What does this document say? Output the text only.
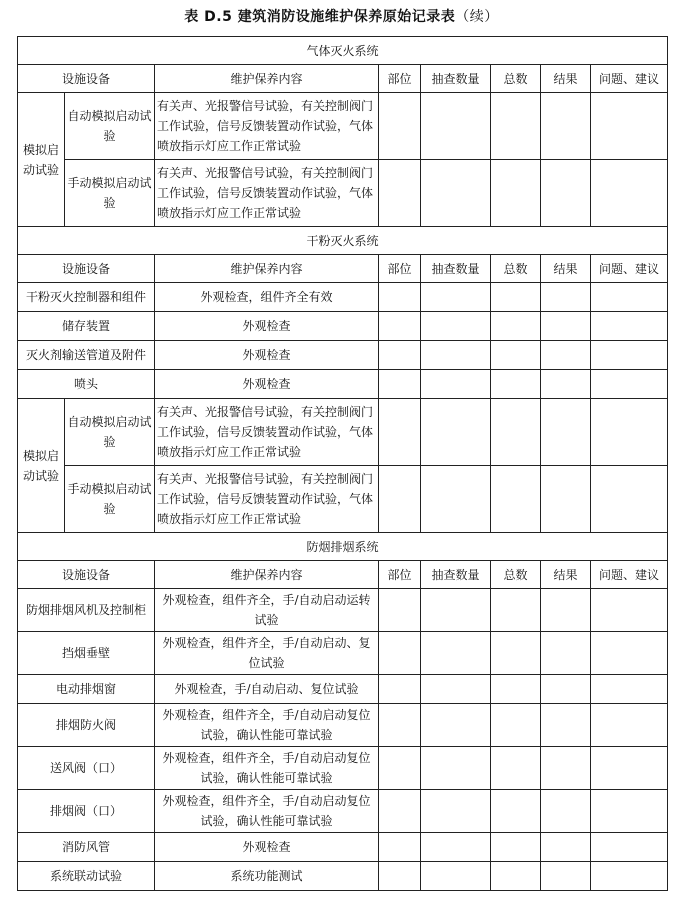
表 D.5 建筑消防设施维护保养原始记录表（续）
气体灭火系统							
设施设备		维护保养内容	部位	抽查数量	总数	结果	问题、建议
模拟启动试验	自动模拟启动试验	有关声、光报警信号试验，有关控制阀门工作试验，信号反馈装置动作试验，气体喷放指示灯应工作正常试验					
	手动模拟启动试验	有关声、光报警信号试验，有关控制阀门工作试验，信号反馈装置动作试验，气体喷放指示灯应工作正常试验					
干粉灭火系统							
设施设备		维护保养内容	部位	抽查数量	总数	结果	问题、建议
干粉灭火控制器和组件		外观检查，组件齐全有效					
储存装置		外观检查					
灭火剂输送管道及附件		外观检查					
喷头		外观检查					
模拟启动试验	自动模拟启动试验	有关声、光报警信号试验，有关控制阀门工作试验，信号反馈装置动作试验，气体喷放指示灯应工作正常试验					
	手动模拟启动试验	有关声、光报警信号试验，有关控制阀门工作试验，信号反馈装置动作试验，气体喷放指示灯应工作正常试验					
防烟排烟系统							
设施设备		维护保养内容	部位	抽查数量	总数	结果	问题、建议
防烟排烟风机及控制柜		外观检查，组件齐全，手/自动启动运转试验					
挡烟垂壁		外观检查，组件齐全，手/自动启动、复位试验					
电动排烟窗		外观检查，手/自动启动、复位试验					
排烟防火阀		外观检查，组件齐全，手/自动启动复位试验，确认性能可靠试验					
送风阀（口）		外观检查，组件齐全，手/自动启动复位试验，确认性能可靠试验					
排烟阀（口）		外观检查，组件齐全，手/自动启动复位试验，确认性能可靠试验					
消防风管		外观检查					
系统联动试验		系统功能测试					
